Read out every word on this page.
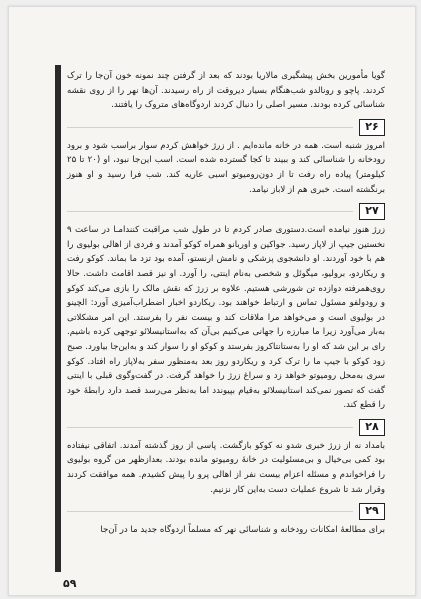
گویا مأمورین بخش پیشگیری مالاریا بودند که بعد از گرفتن چند نمونه خون آن‌جا را ترک کردند. پاچو و رونالدو شب‌هنگام بسیار دیروقت از راه رسیدند. آن‌ها نهر را از روی نقشه شناسائی کرده بودند. مسیر اصلی را دنبال کردند اردوگاه‌های متروک را یافتند.

۲۶

امروز شنبه است. همه در خانه مانده‌ایم . از زرژ خواهش کردم سوار براسب شود و برود رودخانه را شناسائی کند و ببیند تا کجا گسترده شده است. اسب این‌جا نبود، او (۲۰ تا ۲۵ کیلومتر) پیاده راه رفت تا از دون‌رومیوتو اسبی عاریه کند. شب فرا رسید و او هنوز برنگشته است. خبری هم از لاباز نیامد.

۲۷

زرژ هنوز نیامده است.دستوری صادر کردم تا در طول شب مراقبت کنندامـا در ساعت ۹ نخستین جیپ از لاپاز رسید. جواکین و اوربانو همراه کوکو آمدند و فردی از اهالی بولیوی را هم با خود آوردند. او دانشجوی پزشکی و نامش ارنستو، آمده بود تزد ما بماند. کوکو رفت و ریکاردو، برولیو، میگوئل و شخصی به‌نام اینتی، را آورد. او نیز قصد اقامت داشت. حالا روی‌همرفته دوازده تن شورشی هستیم. علاوه بر زرژ که نقش مالک را بازی می‌کند کوکو و رودولفو مسئول تماس و ارتباط خواهند بود. ریکاردو اخبار اضطراب‌آمیزی آورد: الچینو در بولیوی است و می‌خواهد مرا ملاقات کند و بیست نفر را بفرستد. این امر مشکلاتی به‌بار می‌آورد زیرا ما مبارزه را جهانی می‌کنیم بی‌آن که به‌استانیسلائو توجهی کرده باشیم. رای بر این شد که او را به‌ستانتاکروز بفرستد و کوکو او را سوار کند و به‌این‌جا بیاورد. صبح زود کوکو با جیپ ما را ترک کرد و ریکاردو روز بعد به‌منظور سفر به‌لاپاز راه افتاد. کوکو سری به‌محل رومیوتو خواهد زد و سراغ زرژ را خواهد گرفت. در گفت‌وگوی قبلی با اینتی گفت که تصور نمی‌کند استانیسلائو به‌قیام بپیوندد اما به‌نظر می‌رسد قصد دارد رابطهٔ خود را قطع کند.

۲۸

بامداد نه از زرژ خبری شدو نه کوکو بازگشت. پاسی از روز گذشته آمدند. اتفاقی نیفتاده بود کمی بی‌خیال و بی‌مسئولیت در خانهٔ رومیوتو مانده بودند. بعدازظهر من گروه بولیوی را فراخواندم و مسئله اعزام بیست نفر از اهالی پرو را پیش کشیدم. همه موافقت کردند وقرار شد تا شروع عملیات دست به‌این کار نزنیم.

۲۹

برای مطالعهٔ امکانات رودخانه و شناسائی نهر که مسلماً اردوگاه جدید ما در آن‌جا

۵۹
